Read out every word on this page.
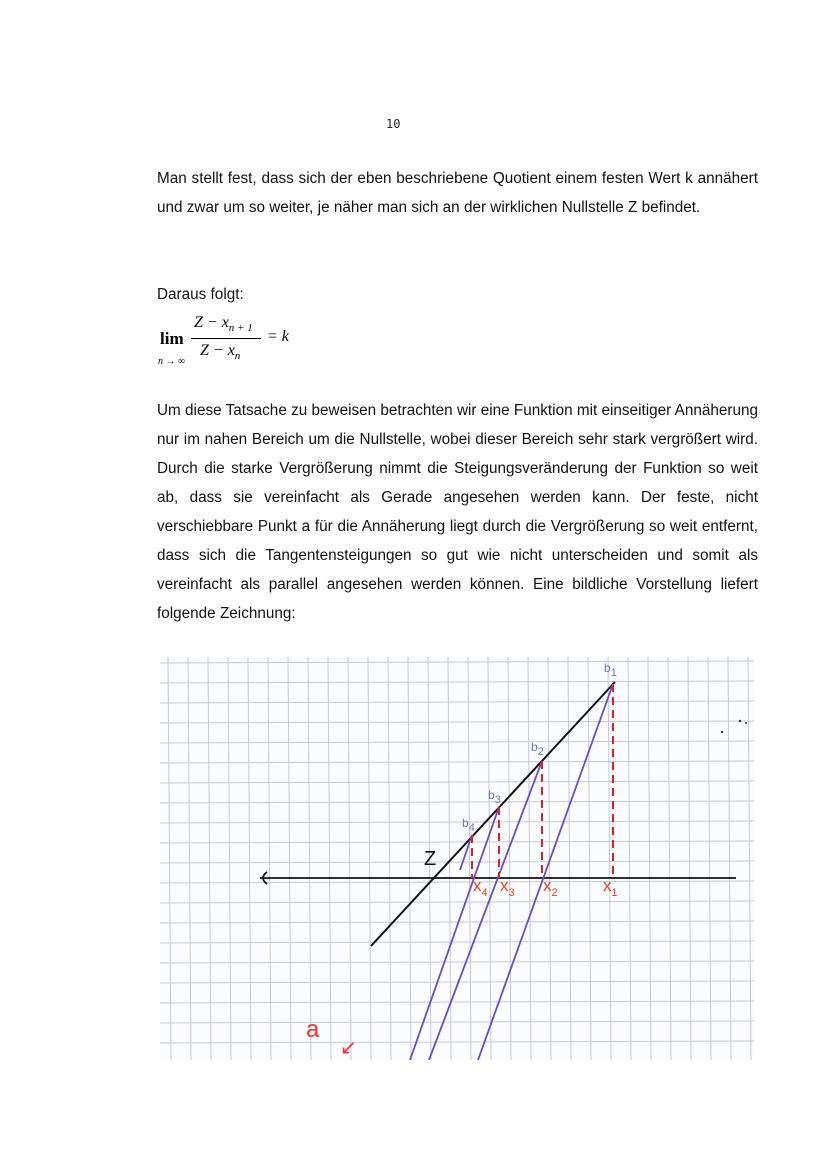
10

Man stellt fest, dass sich der eben beschriebene Quotient einem festen Wert k annähert und zwar um so weiter, je näher man sich an der wirklichen Nullstelle Z befindet.

Daraus folgt:

lim
n → ∞
$Z - x_{n + 1}$
$Z - x_n$
= k

Um diese Tatsache zu beweisen betrachten wir eine Funktion mit einseitiger Annäherung nur im nahen Bereich um die Nullstelle, wobei dieser Bereich sehr stark vergrößert wird. Durch die starke Vergrößerung nimmt die Steigungsveränderung der Funktion so weit ab, dass sie vereinfacht als Gerade angesehen werden kann. Der feste, nicht verschiebbare Punkt a für die Annäherung liegt durch die Vergrößerung so weit entfernt, dass sich die Tangentensteigungen so gut wie nicht unterscheiden und somit als vereinfacht als parallel angesehen werden können. Eine bildliche Vorstellung liefert folgende Zeichnung:

Z
b1
b2
b3
b4
$x_1$
$x_2$
$x_3$
$x_4$
a
↙
